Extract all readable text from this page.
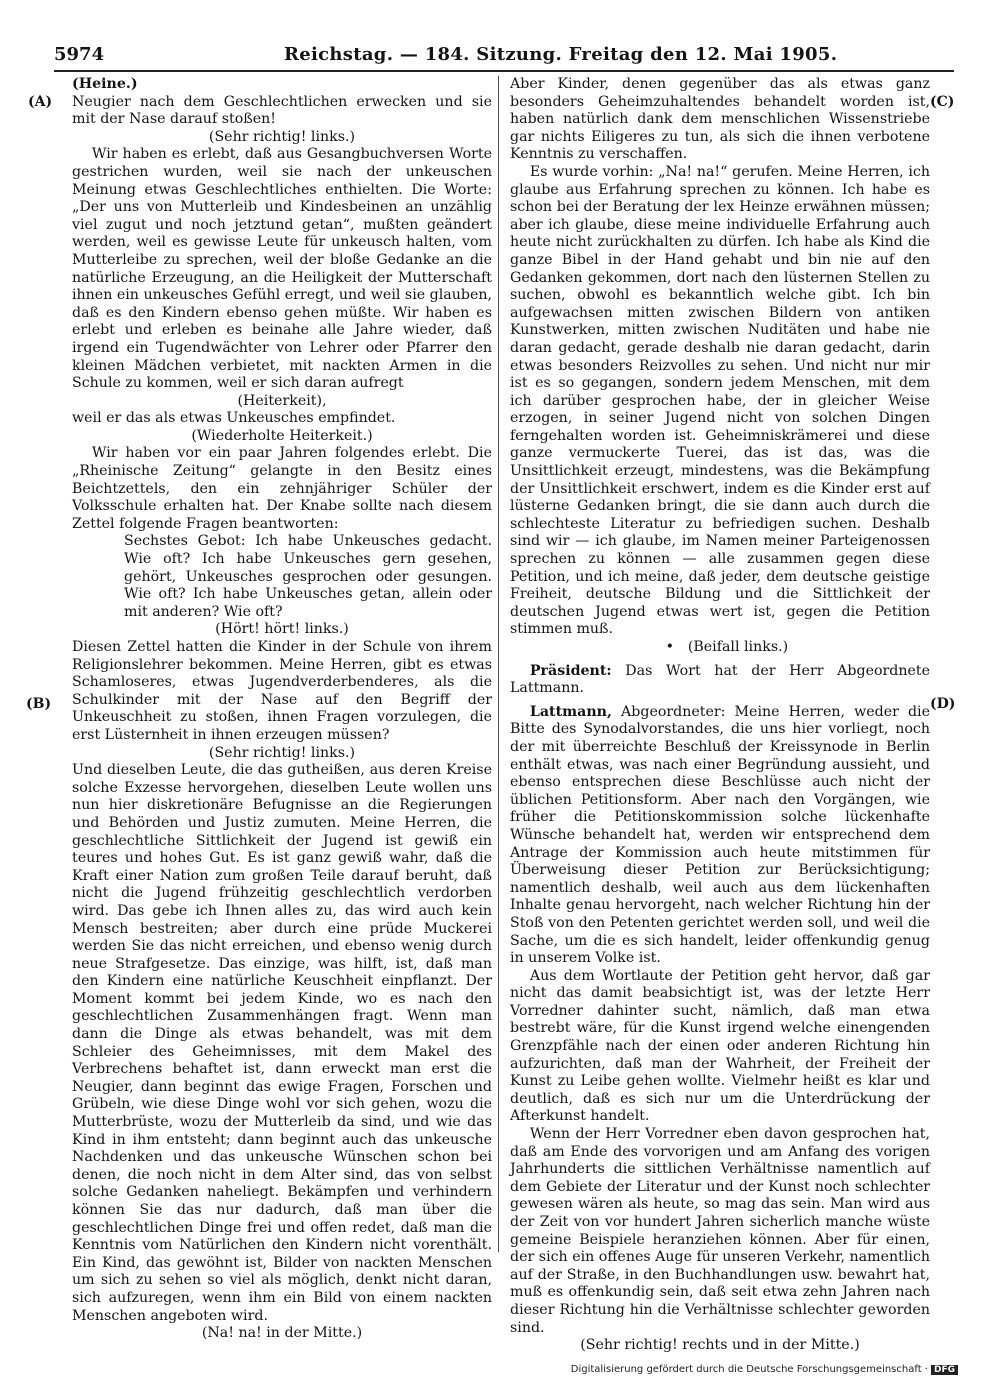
5974	Reichstag. — 184. Sitzung. Freitag den 12. Mai 1905.
(A)
(B)
(C)
(D)

(Heine.)

Neugier nach dem Geschlechtlichen erwecken und sie mit der Nase darauf stoßen!

(Sehr richtig! links.)

Wir haben es erlebt, daß aus Gesangbuchversen Worte gestrichen wurden, weil sie nach der unkeuschen Meinung etwas Geschlechtliches enthielten. Die Worte: „Der uns von Mutterleib und Kindesbeinen an unzählig viel zugut und noch jetztund getan“, mußten geändert werden, weil es gewisse Leute für unkeusch halten, vom Mutterleibe zu sprechen, weil der bloße Gedanke an die natürliche Erzeugung, an die Heiligkeit der Mutterschaft ihnen ein unkeusches Gefühl erregt, und weil sie glauben, daß es den Kindern ebenso gehen müßte. Wir haben es erlebt und erleben es beinahe alle Jahre wieder, daß irgend ein Tugendwächter von Lehrer oder Pfarrer den kleinen Mädchen verbietet, mit nackten Armen in die Schule zu kommen, weil er sich daran aufregt

(Heiterkeit),

weil er das als etwas Unkeusches empfindet.

(Wiederholte Heiterkeit.)

Wir haben vor ein paar Jahren folgendes erlebt. Die „Rheinische Zeitung“ gelangte in den Besitz eines Beichtzettels, den ein zehnjähriger Schüler der Volksschule erhalten hat. Der Knabe sollte nach diesem Zettel folgende Fragen beantworten:

Sechstes Gebot: Ich habe Unkeusches gedacht. Wie oft? Ich habe Unkeusches gern gesehen, gehört, Unkeusches gesprochen oder gesungen. Wie oft? Ich habe Unkeusches getan, allein oder mit anderen? Wie oft?

(Hört! hört! links.)

Diesen Zettel hatten die Kinder in der Schule von ihrem Religionslehrer bekommen. Meine Herren, gibt es etwas Schamloseres, etwas Jugendverderbenderes, als die Schulkinder mit der Nase auf den Begriff der Unkeuschheit zu stoßen, ihnen Fragen vorzulegen, die erst Lüsternheit in ihnen erzeugen müssen?

(Sehr richtig! links.)

Und dieselben Leute, die das gutheißen, aus deren Kreise solche Exzesse hervorgehen, dieselben Leute wollen uns nun hier diskretionäre Befugnisse an die Regierungen und Behörden und Justiz zumuten. Meine Herren, die geschlechtliche Sittlichkeit der Jugend ist gewiß ein teures und hohes Gut. Es ist ganz gewiß wahr, daß die Kraft einer Nation zum großen Teile darauf beruht, daß nicht die Jugend frühzeitig geschlechtlich verdorben wird. Das gebe ich Ihnen alles zu, das wird auch kein Mensch bestreiten; aber durch eine prüde Muckerei werden Sie das nicht erreichen, und ebenso wenig durch neue Strafgesetze. Das einzige, was hilft, ist, daß man den Kindern eine natürliche Keuschheit einpflanzt. Der Moment kommt bei jedem Kinde, wo es nach den geschlechtlichen Zusammenhängen fragt. Wenn man dann die Dinge als etwas behandelt, was mit dem Schleier des Geheimnisses, mit dem Makel des Verbrechens behaftet ist, dann erweckt man erst die Neugier, dann beginnt das ewige Fragen, Forschen und Grübeln, wie diese Dinge wohl vor sich gehen, wozu die Mutterbrüste, wozu der Mutterleib da sind, und wie das Kind in ihm entsteht; dann beginnt auch das unkeusche Nachdenken und das unkeusche Wünschen schon bei denen, die noch nicht in dem Alter sind, das von selbst solche Gedanken naheliegt. Bekämpfen und verhindern können Sie das nur dadurch, daß man über die geschlechtlichen Dinge frei und offen redet, daß man die Kenntnis vom Natürlichen den Kindern nicht vorenthält. Ein Kind, das gewöhnt ist, Bilder von nackten Menschen um sich zu sehen so viel als möglich, denkt nicht daran, sich aufzuregen, wenn ihm ein Bild von einem nackten Menschen angeboten wird.

(Na! na! in der Mitte.)

Aber Kinder, denen gegenüber das als etwas ganz besonders Geheimzuhaltendes behandelt worden ist, haben natürlich dank dem menschlichen Wissenstriebe gar nichts Eiligeres zu tun, als sich die ihnen verbotene Kenntnis zu verschaffen.

Es wurde vorhin: „Na! na!“ gerufen. Meine Herren, ich glaube aus Erfahrung sprechen zu können. Ich habe es schon bei der Beratung der lex Heinze erwähnen müssen; aber ich glaube, diese meine individuelle Erfahrung auch heute nicht zurückhalten zu dürfen. Ich habe als Kind die ganze Bibel in der Hand gehabt und bin nie auf den Gedanken gekommen, dort nach den lüsternen Stellen zu suchen, obwohl es bekanntlich welche gibt. Ich bin aufgewachsen mitten zwischen Bildern von antiken Kunstwerken, mitten zwischen Nuditäten und habe nie daran gedacht, gerade deshalb nie daran gedacht, darin etwas besonders Reizvolles zu sehen. Und nicht nur mir ist es so gegangen, sondern jedem Menschen, mit dem ich darüber gesprochen habe, der in gleicher Weise erzogen, in seiner Jugend nicht von solchen Dingen ferngehalten worden ist. Geheimniskrämerei und diese ganze vermuckerte Tuerei, das ist das, was die Unsittlichkeit erzeugt, mindestens, was die Bekämpfung der Unsittlichkeit erschwert, indem es die Kinder erst auf lüsterne Gedanken bringt, die sie dann auch durch die schlechteste Literatur zu befriedigen suchen. Deshalb sind wir — ich glaube, im Namen meiner Parteigenossen sprechen zu können — alle zusammen gegen diese Petition, und ich meine, daß jeder, dem deutsche geistige Freiheit, deutsche Bildung und die Sittlichkeit der deutschen Jugend etwas wert ist, gegen die Petition stimmen muß.

• (Beifall links.)

Präsident: Das Wort hat der Herr Abgeordnete Lattmann.

Lattmann, Abgeordneter: Meine Herren, weder die Bitte des Synodalvorstandes, die uns hier vorliegt, noch der mit überreichte Beschluß der Kreissynode in Berlin enthält etwas, was nach einer Begründung aussieht, und ebenso entsprechen diese Beschlüsse auch nicht der üblichen Petitionsform. Aber nach den Vorgängen, wie früher die Petitionskommission solche lückenhafte Wünsche behandelt hat, werden wir entsprechend dem Antrage der Kommission auch heute mitstimmen für Überweisung dieser Petition zur Berücksichtigung; namentlich deshalb, weil auch aus dem lückenhaften Inhalte genau hervorgeht, nach welcher Richtung hin der Stoß von den Petenten gerichtet werden soll, und weil die Sache, um die es sich handelt, leider offenkundig genug in unserem Volke ist.

Aus dem Wortlaute der Petition geht hervor, daß gar nicht das damit beabsichtigt ist, was der letzte Herr Vorredner dahinter sucht, nämlich, daß man etwa bestrebt wäre, für die Kunst irgend welche einengenden Grenzpfähle nach der einen oder anderen Richtung hin aufzurichten, daß man der Wahrheit, der Freiheit der Kunst zu Leibe gehen wollte. Vielmehr heißt es klar und deutlich, daß es sich nur um die Unterdrückung der Afterkunst handelt.

Wenn der Herr Vorredner eben davon gesprochen hat, daß am Ende des vorvorigen und am Anfang des vorigen Jahrhunderts die sittlichen Verhältnisse namentlich auf dem Gebiete der Literatur und der Kunst noch schlechter gewesen wären als heute, so mag das sein. Man wird aus der Zeit von vor hundert Jahren sicherlich manche wüste gemeine Beispiele heranziehen können. Aber für einen, der sich ein offenes Auge für unseren Verkehr, namentlich auf der Straße, in den Buchhandlungen usw. bewahrt hat, muß es offenkundig sein, daß seit etwa zehn Jahren nach dieser Richtung hin die Verhältnisse schlechter geworden sind.

(Sehr richtig! rechts und in der Mitte.)

Digitalisierung gefördert durch die Deutsche Forschungsgemeinschaft · DFG
